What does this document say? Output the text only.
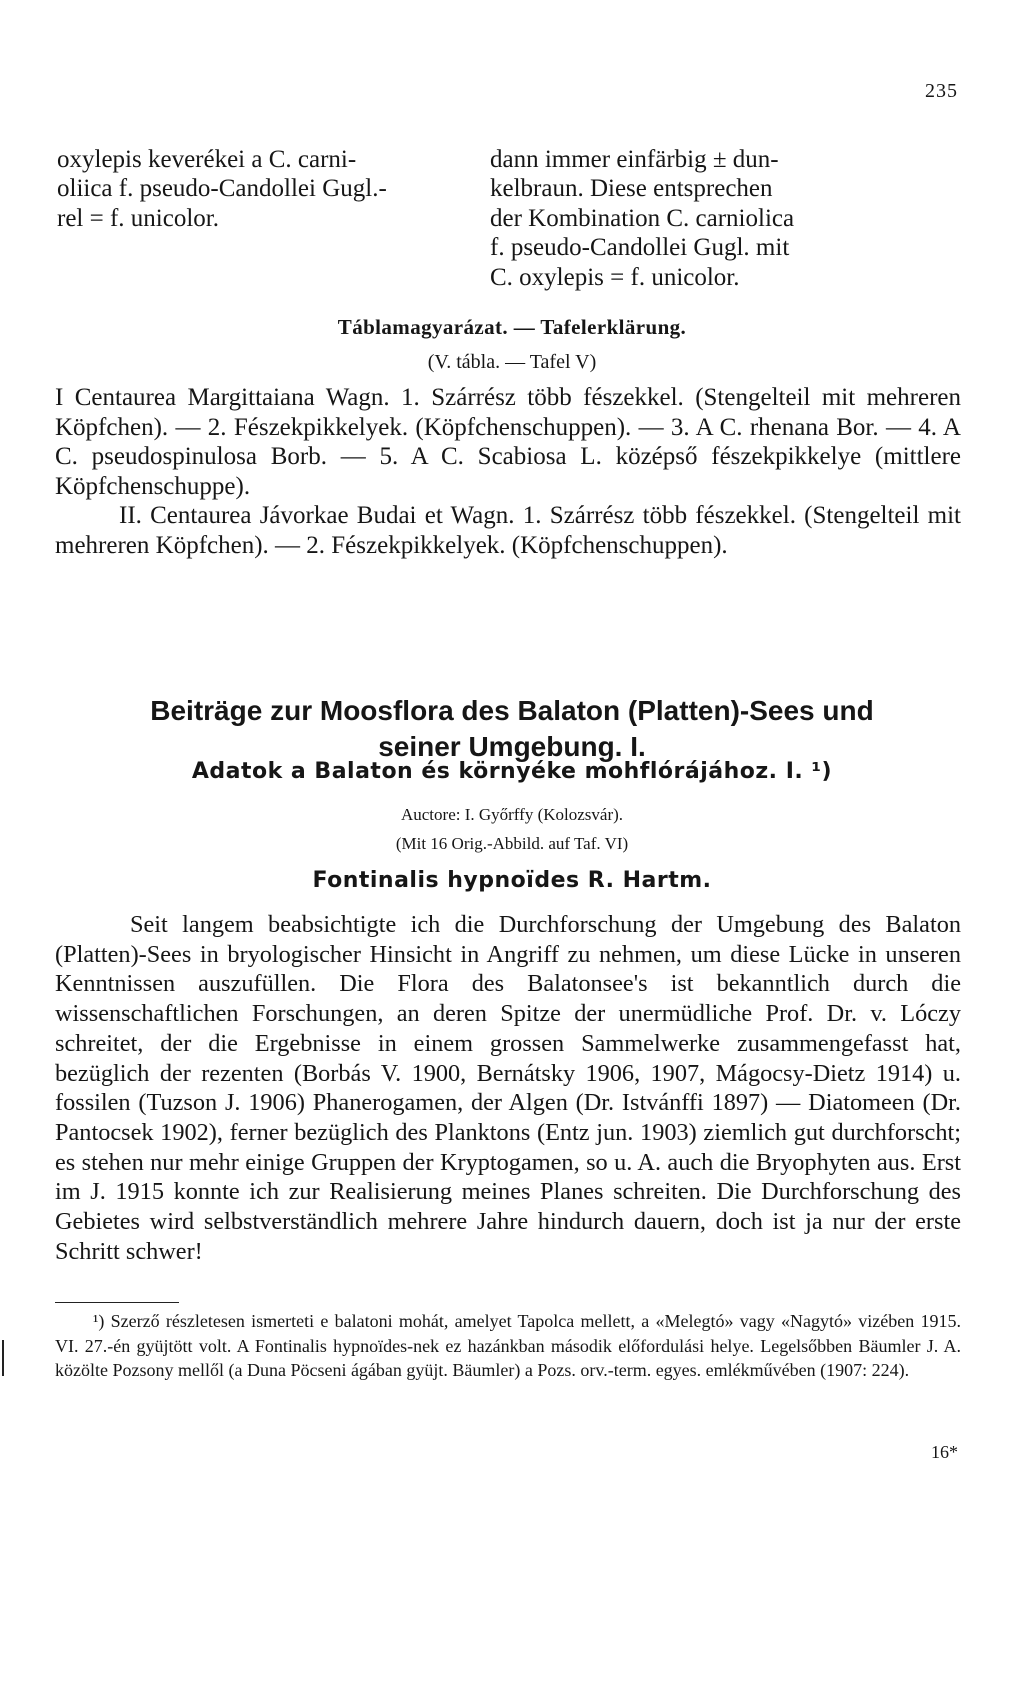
235
oxylepis keverékei a C. carni-
oliica f. pseudo-Candollei Gugl.-
rel = f. unicolor.
dann immer einfärbig ± dun-
kelbraun. Diese entsprechen
der Kombination C. carniolica
f. pseudo-Candollei Gugl. mit
C. oxylepis = f. unicolor.
Táblamagyarázat. — Tafelerklärung.
(V. tábla. — Tafel V)

I Centaurea Margittaiana Wagn. 1. Szárrész több fészekkel. (Stengelteil mit mehreren Köpfchen). — 2. Fészekpikkelyek. (Köpfchenschuppen). — 3. A C. rhenana Bor. — 4. A C. pseudospinulosa Borb. — 5. A C. Scabiosa L. középső fészekpikkelye (mittlere Köpfchenschuppe).

II. Centaurea Jávorkae Budai et Wagn. 1. Szárrész több fészekkel. (Stengelteil mit mehreren Köpfchen). — 2. Fészekpikkelyek. (Köpfchenschuppen).

Beiträge zur Moosflora des Balaton (Platten)-Sees und
seiner Umgebung. I.
Adatok a Balaton és környéke mohflórájához. I. ¹)
Auctore: I. Győrffy (Kolozsvár).
(Mit 16 Orig.-Abbild. auf Taf. VI)
Fontinalis hypnoïdes R. Hartm.

Seit langem beabsichtigte ich die Durchforschung der Umgebung des Balaton (Platten)-Sees in bryologischer Hinsicht in Angriff zu nehmen, um diese Lücke in unseren Kenntnissen auszufüllen. Die Flora des Balatonsee's ist bekanntlich durch die wissenschaftlichen Forschungen, an deren Spitze der unermüdliche Prof. Dr. v. Lóczy schreitet, der die Ergebnisse in einem grossen Sammelwerke zusammengefasst hat, bezüglich der rezenten (Borbás V. 1900, Bernátsky 1906, 1907, Mágocsy-Dietz 1914) u. fossilen (Tuzson J. 1906) Phanerogamen, der Algen (Dr. Istvánffi 1897) — Diatomeen (Dr. Pantocsek 1902), ferner bezüglich des Planktons (Entz jun. 1903) ziemlich gut durchforscht; es stehen nur mehr einige Gruppen der Kryptogamen, so u. A. auch die Bryophyten aus. Erst im J. 1915 konnte ich zur Realisierung meines Planes schreiten. Die Durchforschung des Gebietes wird selbstverständlich mehrere Jahre hindurch dauern, doch ist ja nur der erste Schritt schwer!

¹) Szerző részletesen ismerteti e balatoni mohát, amelyet Tapolca mellett, a «Melegtó» vagy «Nagytó» vizében 1915. VI. 27.-én gyüjtött volt. A Fontinalis hypnoïdes-nek ez hazánkban második előfordulási helye. Legelsőbben Bäumler J. A. közölte Pozsony mellől (a Duna Pöcseni ágában gyüjt. Bäumler) a Pozs. orv.-term. egyes. emlékművében (1907: 224).

16*
